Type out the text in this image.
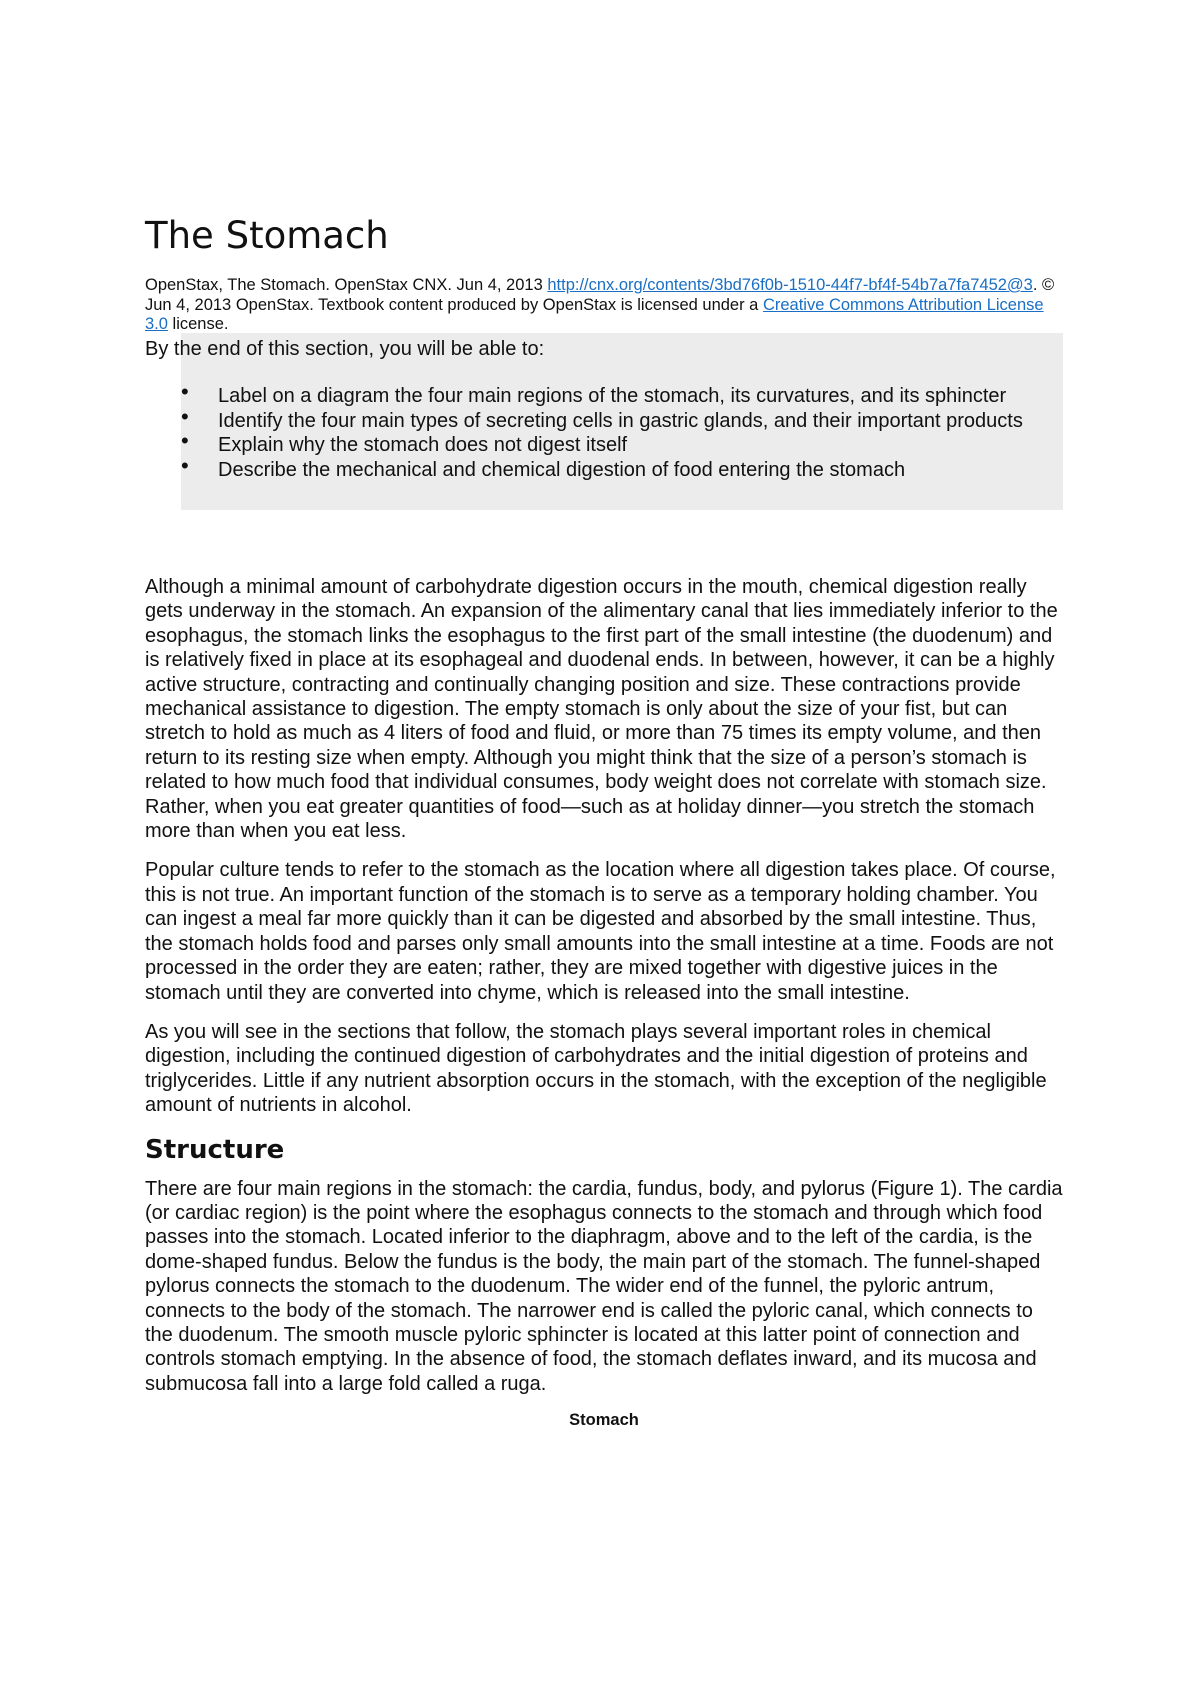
The Stomach
OpenStax, The Stomach. OpenStax CNX. Jun 4, 2013 http://cnx.org/contents/3bd76f0b-1510-44f7-bf4f-54b7a7fa7452@3. © Jun 4, 2013 OpenStax. Textbook content produced by OpenStax is licensed under a Creative Commons Attribution License 3.0 license.

By the end of this section, you will be able to:

• Label on a diagram the four main regions of the stomach, its curvatures, and its sphincter
• Identify the four main types of secreting cells in gastric glands, and their important products
• Explain why the stomach does not digest itself
• Describe the mechanical and chemical digestion of food entering the stomach

Although a minimal amount of carbohydrate digestion occurs in the mouth, chemical digestion really gets underway in the stomach. An expansion of the alimentary canal that lies immediately inferior to the esophagus, the stomach links the esophagus to the first part of the small intestine (the duodenum) and is relatively fixed in place at its esophageal and duodenal ends. In between, however, it can be a highly active structure, contracting and continually changing position and size. These contractions provide mechanical assistance to digestion. The empty stomach is only about the size of your fist, but can stretch to hold as much as 4 liters of food and fluid, or more than 75 times its empty volume, and then return to its resting size when empty. Although you might think that the size of a person’s stomach is related to how much food that individual consumes, body weight does not correlate with stomach size. Rather, when you eat greater quantities of food—such as at holiday dinner—you stretch the stomach more than when you eat less.

Popular culture tends to refer to the stomach as the location where all digestion takes place. Of course, this is not true. An important function of the stomach is to serve as a temporary holding chamber. You can ingest a meal far more quickly than it can be digested and absorbed by the small intestine. Thus, the stomach holds food and parses only small amounts into the small intestine at a time. Foods are not processed in the order they are eaten; rather, they are mixed together with digestive juices in the stomach until they are converted into chyme, which is released into the small intestine.

As you will see in the sections that follow, the stomach plays several important roles in chemical digestion, including the continued digestion of carbohydrates and the initial digestion of proteins and triglycerides. Little if any nutrient absorption occurs in the stomach, with the exception of the negligible amount of nutrients in alcohol.

Structure

There are four main regions in the stomach: the cardia, fundus, body, and pylorus (Figure 1). The cardia (or cardiac region) is the point where the esophagus connects to the stomach and through which food passes into the stomach. Located inferior to the diaphragm, above and to the left of the cardia, is the dome-shaped fundus. Below the fundus is the body, the main part of the stomach. The funnel-shaped pylorus connects the stomach to the duodenum. The wider end of the funnel, the pyloric antrum, connects to the body of the stomach. The narrower end is called the pyloric canal, which connects to the duodenum. The smooth muscle pyloric sphincter is located at this latter point of connection and controls stomach emptying. In the absence of food, the stomach deflates inward, and its mucosa and submucosa fall into a large fold called a ruga.

Stomach
